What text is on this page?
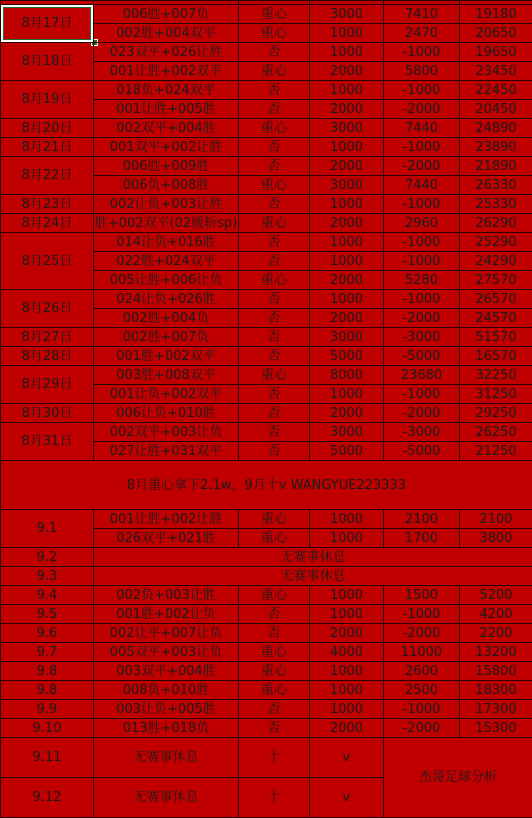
8月17日	006胜+007负	重心	3000	7410	19180
	002胜+004双平	重心	1000	2470	20650
8月18日	023双平+026让胜	否	1000	-1000	19650
	001让胜+002双平	重心	2000	5800	23450
8月19日	018负+024双平	否	1000	-1000	22450
	001让胜+005胜	否	2000	-2000	20450
8月20日	002双平+004胜	重心	3000	7440	24890
8月21日	001双平+002让胜	否	1000	-1000	23890
8月22日	006胜+009胜	否	2000	-2000	21890
	006负+008胜	重心	3000	7440	26330
8月23日	002让负+003让胜	否	1000	-1000	25330
8月24日	胜+002双平(02媛斩sp)	重心	2000	2960	26290
8月25日	014让负+016胜	否	1000	-1000	25290
	022胜+024双平	否	1000	-1000	24290
	005让胜+006让负	重心	2000	5280	27570
8月26日	024让负+026胜	否	1000	-1000	26570
	002胜+004负	否	2000	-2000	24570
8月27日	002胜+007负	否	3000	-3000	51570
8月28日	001胜+002双平	否	5000	-5000	16570
8月29日	003胜+008双平	重心	8000	23680	32250
	001让负+002双平	否	1000	-1000	31250
8月30日	006让负+010胜	否	2000	-2000	29250
8月31日	002双平+003让负	否	3000	-3000	26250
	027让胜+031双平	否	5000	-5000	21250
8月重心拿下2.1w，9月十v WANGYUE223333					
9.1	001让胜+002让胜	重心	1000	2100	2100
	026双平+021胜	重心	1000	1700	3800
9.2	无赛事休息				
9.3	无赛事休息				
9.4	002负+003让胜	重心	1000	1500	5200
9.5	001胜+002让负	否	1000	-1000	4200
9.6	002让平+007让负	否	2000	-2000	2200
9.7	005双平+003让负	重心	4000	11000	13200
9.8	003双平+004胜	重心	1000	2600	15800
9.8	008负+010胜	重心	1000	2500	18300
9.9	003让负+005胜	否	1000	-1000	17300
9.10	013胜+018负	否	2000	-2000	15300
9.11	无赛事休息	十	v	杰哥足球分析	
9.12	无赛事休息	十	v		
